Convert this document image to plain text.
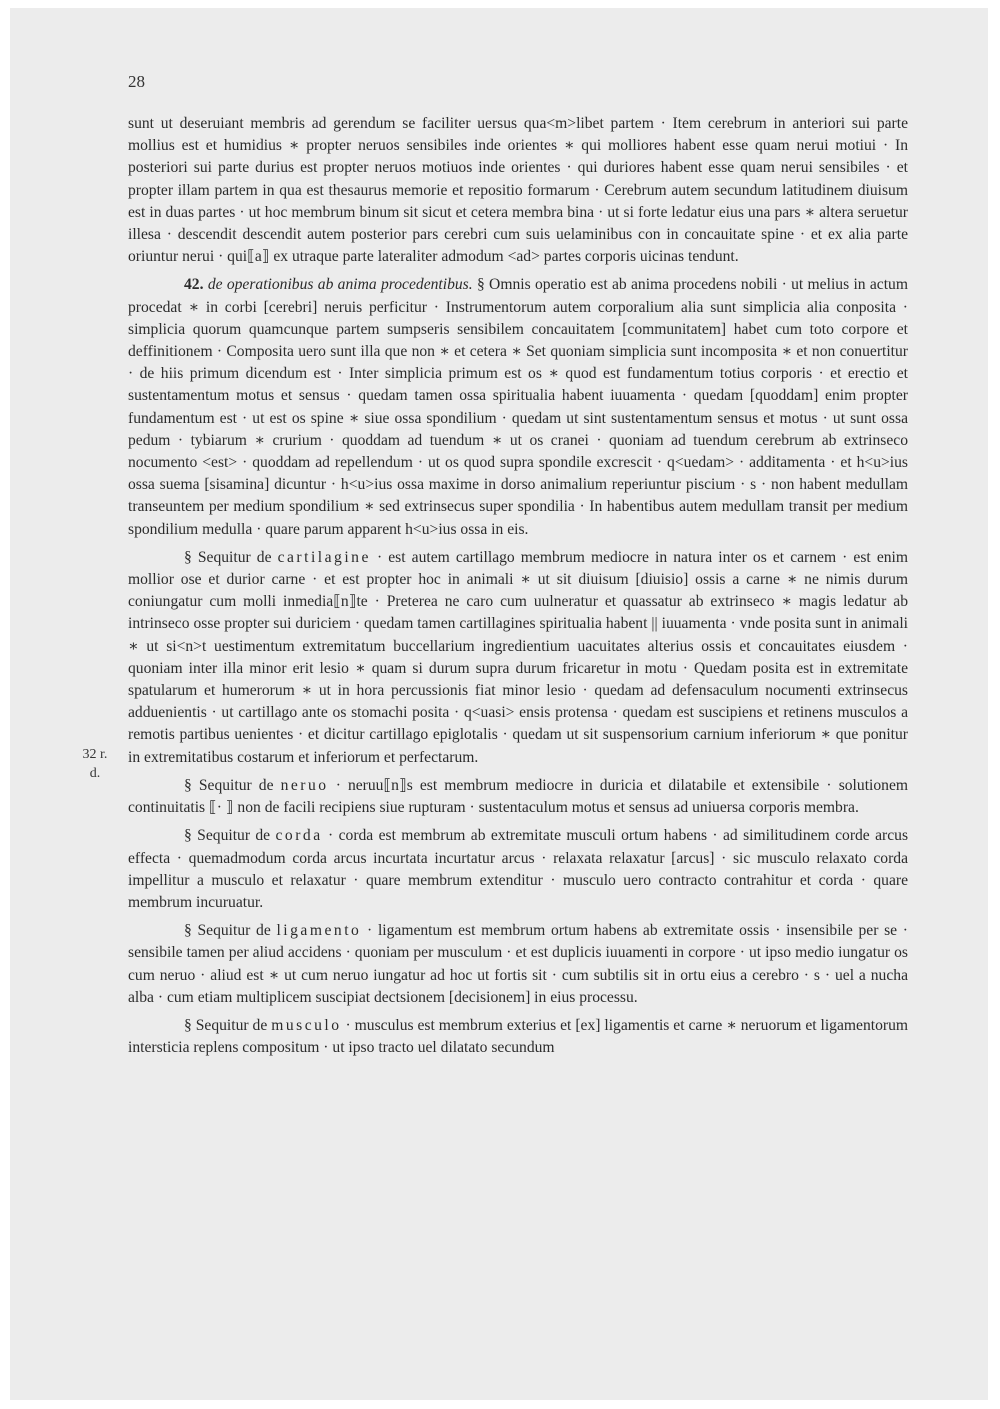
28
32 r.
d.

sunt ut deseruiant membris ad gerendum se faciliter uersus qua<m>libet partem · Item cerebrum in anteriori sui parte mollius est et humidius ∗ propter neruos sensibiles inde orientes ∗ qui molliores habent esse quam nerui motiui · In posteriori sui parte durius est propter neruos motiuos inde orientes · qui duriores habent esse quam nerui sensibiles · et propter illam partem in qua est thesaurus memorie et repositio formarum · Cerebrum autem secundum latitudinem diuisum est in duas partes · ut hoc membrum binum sit sicut et cetera membra bina · ut si forte ledatur eius una pars ∗ altera seruetur illesa · descendit descendit autem posterior pars cerebri cum suis uelaminibus con in concauitate spine · et ex alia parte oriuntur nerui · qui⟦a⟧ ex utraque parte lateraliter admodum <ad> partes corporis uicinas tendunt.

42. de operationibus ab anima procedentibus. § Omnis operatio est ab anima procedens nobili · ut melius in actum procedat ∗ in corbi [cerebri] neruis perficitur · Instrumentorum autem corporalium alia sunt simplicia alia conposita · simplicia quorum quamcunque partem sumpseris sensibilem concauitatem [communitatem] habet cum toto corpore et deffinitionem · Composita uero sunt illa que non ∗ et cetera ∗ Set quoniam simplicia sunt incomposita ∗ et non conuertitur · de hiis primum dicendum est · Inter simplicia primum est os ∗ quod est fundamentum totius corporis · et erectio et sustentamentum motus et sensus · quedam tamen ossa spiritualia habent iuuamenta · quedam [quoddam] enim propter fundamentum est · ut est os spine ∗ siue ossa spondilium · quedam ut sint sustentamentum sensus et motus · ut sunt ossa pedum · tybiarum ∗ crurium · quoddam ad tuendum ∗ ut os cranei · quoniam ad tuendum cerebrum ab extrinseco nocumento <est> · quoddam ad repellendum · ut os quod supra spondile excrescit · q<uedam> · additamenta · et h<u>ius ossa suema [sisamina] dicuntur · h<u>ius ossa maxime in dorso animalium reperiuntur piscium · s · non habent medullam transeuntem per medium spondilium ∗ sed extrinsecus super spondilia · In habentibus autem medullam transit per medium spondilium medulla · quare parum apparent h<u>ius ossa in eis.

§ Sequitur de cartilagine · est autem cartillago membrum mediocre in natura inter os et carnem · est enim mollior ose et durior carne · et est propter hoc in animali ∗ ut sit diuisum [diuisio] ossis a carne ∗ ne nimis durum coniungatur cum molli inmedia⟦n⟧te · Preterea ne caro cum uulneratur et quassatur ab extrinseco ∗ magis ledatur ab intrinseco osse propter sui duriciem · quedam tamen cartillagines spiritualia habent || iuuamenta · vnde posita sunt in animali ∗ ut si<n>t uestimentum extremitatum buccellarium ingredientium uacuitates alterius ossis et concauitates eiusdem · quoniam inter illa minor erit lesio ∗ quam si durum supra durum fricaretur in motu · Quedam posita est in extremitate spatularum et humerorum ∗ ut in hora percussionis fiat minor lesio · quedam ad defensaculum nocumenti extrinsecus adduenientis · ut cartillago ante os stomachi posita · q<uasi> ensis protensa · quedam est suscipiens et retinens musculos a remotis partibus uenientes · et dicitur cartillago epiglotalis · quedam ut sit suspensorium carnium inferiorum ∗ que ponitur in extremitatibus costarum et inferiorum et perfectarum.

§ Sequitur de neruo · neruu⟦n⟧s est membrum mediocre in duricia et dilatabile et extensibile · solutionem continuitatis ⟦· ⟧ non de facili recipiens siue rupturam · sustentaculum motus et sensus ad uniuersa corporis membra.

§ Sequitur de corda · corda est membrum ab extremitate musculi ortum habens · ad similitudinem corde arcus effecta · quemadmodum corda arcus incurtata incurtatur arcus · relaxata relaxatur [arcus] · sic musculo relaxato corda impellitur a musculo et relaxatur · quare membrum extenditur · musculo uero contracto contrahitur et corda · quare membrum incuruatur.

§ Sequitur de ligamento · ligamentum est membrum ortum habens ab extremitate ossis · insensibile per se · sensibile tamen per aliud accidens · quoniam per musculum · et est duplicis iuuamenti in corpore · ut ipso medio iungatur os cum neruo · aliud est ∗ ut cum neruo iungatur ad hoc ut fortis sit · cum subtilis sit in ortu eius a cerebro · s · uel a nucha alba · cum etiam multiplicem suscipiat dectsionem [decisionem] in eius processu.

§ Sequitur de musculo · musculus est membrum exterius et [ex] ligamentis et carne ∗ neruorum et ligamentorum intersticia replens compositum · ut ipso tracto uel dilatato secundum
